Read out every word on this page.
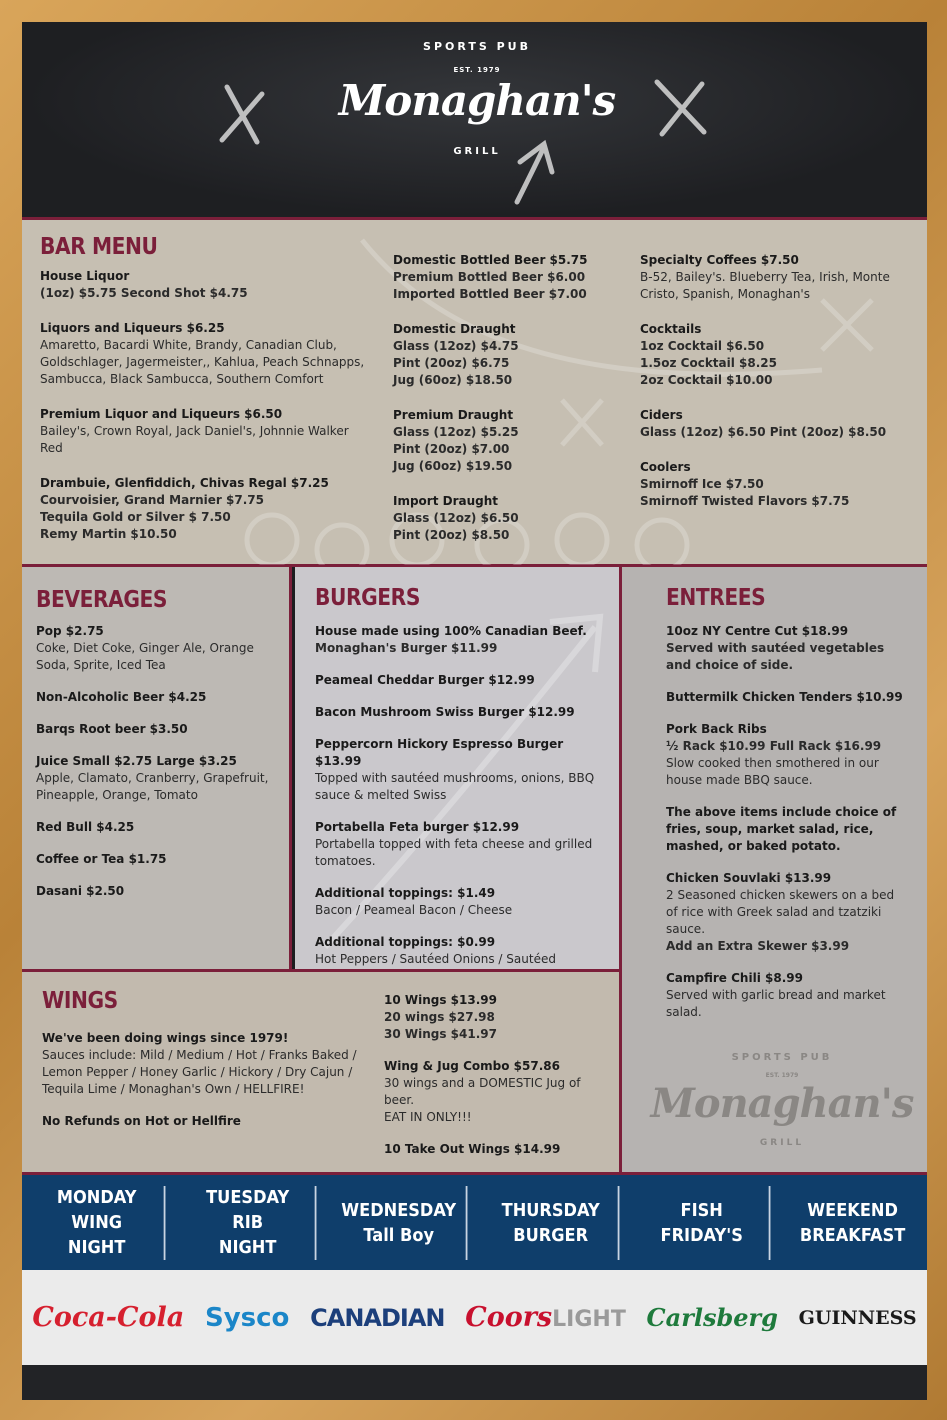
SPORTS PUB
EST. 1979
Monaghan's
GRILL
BAR MENU
House Liquor
(1oz) $5.75 Second Shot $4.75
Liquors and Liqueurs $6.25
Amaretto, Bacardi White, Brandy, Canadian Club, Goldschlager, Jagermeister,, Kahlua, Peach Schnapps, Sambucca, Black Sambucca, Southern Comfort
Premium Liquor and Liqueurs $6.50
Bailey's, Crown Royal, Jack Daniel's, Johnnie Walker Red
Drambuie, Glenfiddich, Chivas Regal $7.25
Courvoisier, Grand Marnier $7.75
Tequila Gold or Silver $ 7.50
Remy Martin $10.50
Domestic Bottled Beer $5.75
Premium Bottled Beer $6.00
Imported Bottled Beer $7.00
Domestic Draught
Glass (12oz) $4.75
Pint (20oz) $6.75
Jug (60oz) $18.50
Premium Draught
Glass (12oz) $5.25
Pint (20oz) $7.00
Jug (60oz) $19.50
Import Draught
Glass (12oz) $6.50
Pint (20oz) $8.50
Specialty Coffees $7.50
B-52, Bailey's. Blueberry Tea, Irish, Monte Cristo, Spanish, Monaghan's
Cocktails
1oz Cocktail $6.50
1.5oz Cocktail $8.25
2oz Cocktail $10.00
Ciders
Glass (12oz) $6.50 Pint (20oz) $8.50
Coolers
Smirnoff Ice $7.50
Smirnoff Twisted Flavors $7.75
BEVERAGES
Pop $2.75
Coke, Diet Coke, Ginger Ale, Orange Soda, Sprite, Iced Tea
Non-Alcoholic Beer $4.25
Barqs Root beer $3.50
Juice Small $2.75 Large $3.25
Apple, Clamato, Cranberry, Grapefruit, Pineapple, Orange, Tomato
Red Bull $4.25
Coffee or Tea $1.75
Dasani $2.50
BURGERS
House made using 100% Canadian Beef.
Monaghan's Burger $11.99
Peameal Cheddar Burger $12.99
Bacon Mushroom Swiss Burger $12.99
Peppercorn Hickory Espresso Burger $13.99
Topped with sautéed mushrooms, onions, BBQ sauce & melted Swiss
Portabella Feta burger $12.99
Portabella topped with feta cheese and grilled tomatoes.
Additional toppings: $1.49
Bacon / Peameal Bacon / Cheese
Additional toppings: $0.99
Hot Peppers / Sautéed Onions / Sautéed
ENTREES
10oz NY Centre Cut $18.99
Served with sautéed vegetables and choice of side.
Buttermilk Chicken Tenders $10.99
Pork Back Ribs
½ Rack $10.99 Full Rack $16.99
Slow cooked then smothered in our house made BBQ sauce.
The above items include choice of fries, soup, market salad, rice, mashed, or baked potato.
Chicken Souvlaki $13.99
2 Seasoned chicken skewers on a bed of rice with Greek salad and tzatziki sauce.
Add an Extra Skewer $3.99
Campfire Chili $8.99
Served with garlic bread and market salad.
SPORTS PUB
EST. 1979
Monaghan's
GRILL
WINGS
We've been doing wings since 1979!
Sauces include: Mild / Medium / Hot / Franks Baked / Lemon Pepper / Honey Garlic / Hickory / Dry Cajun / Tequila Lime / Monaghan's Own / HELLFIRE!
No Refunds on Hot or Hellfire
10 Wings $13.99
20 wings $27.98
30 Wings $41.97
Wing & Jug Combo $57.86
30 wings and a DOMESTIC Jug of beer.
EAT IN ONLY!!!
10 Take Out Wings $14.99
MONDAY
WING
NIGHT
TUESDAY
RIB
NIGHT
WEDNESDAY
Tall Boy
THURSDAY
BURGER
FISH
FRIDAY'S
WEEKEND
BREAKFAST
Coca-Cola Sysco CANADIAN CoorsLIGHT Carlsberg GUINNESS
